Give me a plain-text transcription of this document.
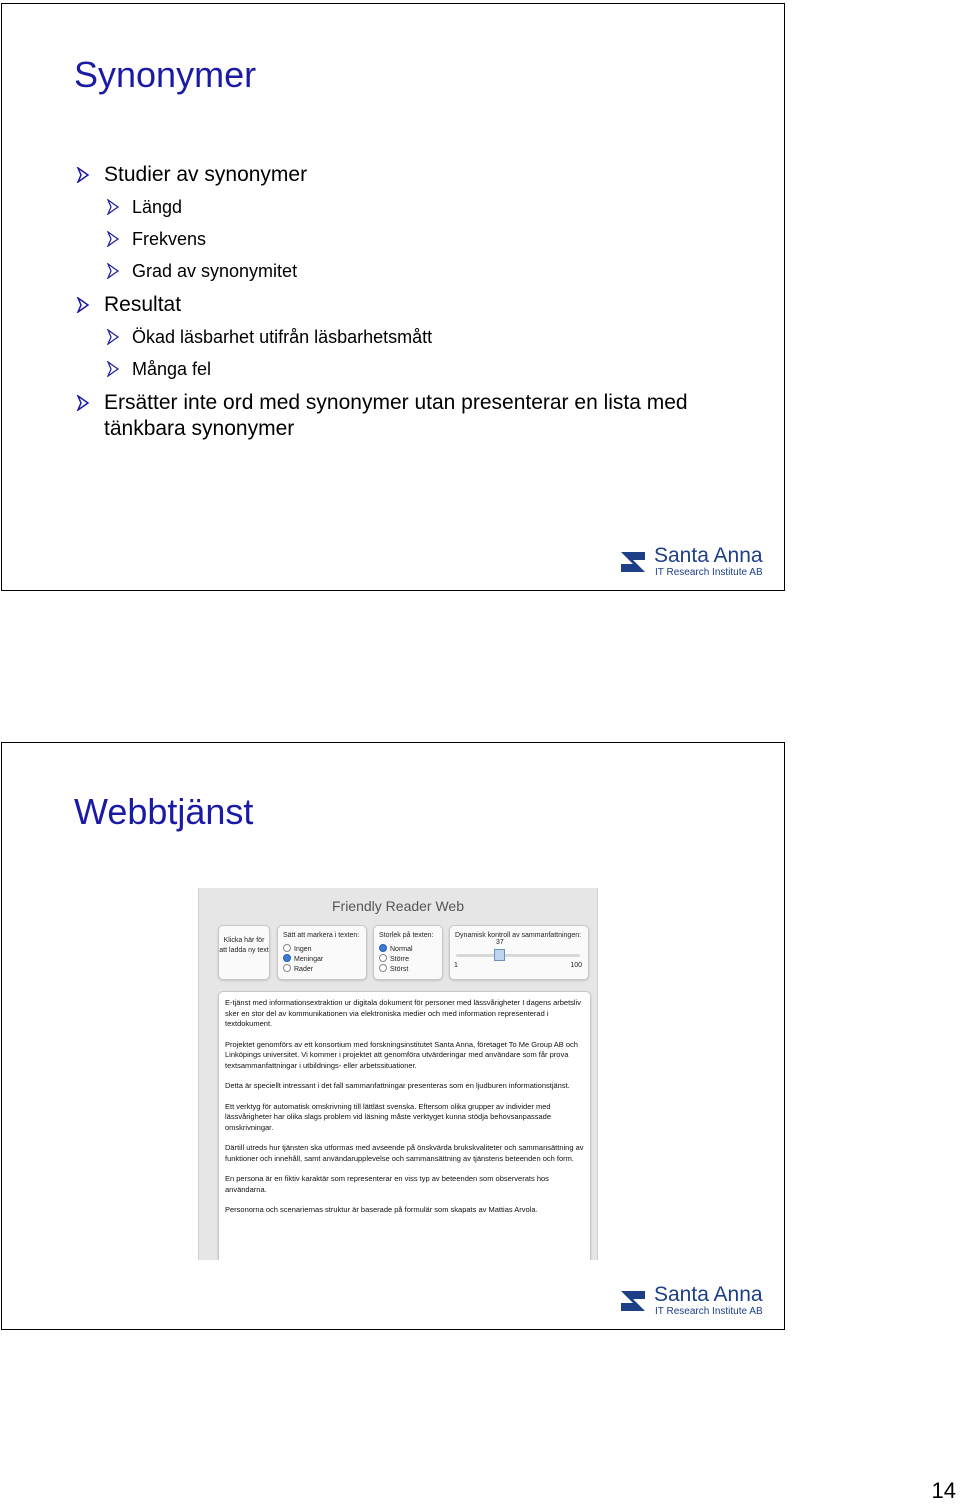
Synonymer
Studier av synonymer
Längd
Frekvens
Grad av synonymitet
Resultat
Ökad läsbarhet utifrån läsbarhetsmått
Många fel
Ersätter inte ord med synonymer utan presenterar en lista med tänkbara synonymer
Santa Anna
IT Research Institute AB
Webbtjänst
Friendly Reader Web
Klicka här för att ladda ny text
Sätt att markera i texten:
Ingen
Meningar
Rader
Storlek på texten:
Normal
Större
Störst
Dynamisk kontroll av sammanfattningen:
37
1	100

E-tjänst med informationsextraktion ur digitala dokument för personer med lässvårigheter I dagens arbetsliv sker en stor del av kommunikationen via elektroniska medier och med information representerad i textdokument.

Projektet genomförs av ett konsortium med forskningsinstitutet Santa Anna, företaget To Me Group AB och Linköpings universitet. Vi kommer i projektet att genomföra utvärderingar med användare som får prova textsammanfattningar i utbildnings- eller arbetssituationer.

Detta är speciellt intressant i det fall sammanfattningar presenteras som en ljudburen informationstjänst.

Ett verktyg för automatisk omskrivning till lättläst svenska. Eftersom olika grupper av individer med lässvårigheter har olika slags problem vid läsning måste verktyget kunna stödja behovsanpassade omskrivningar.

Därtill utreds hur tjänsten ska utformas med avseende på önskvärda brukskvaliteter och sammansättning av funktioner och innehåll, samt användarupplevelse och sammansättning av tjänstens beteenden och form.

En persona är en fiktiv karaktär som representerar en viss typ av beteenden som observerats hos användarna.

Personorna och scenariernas struktur är baserade på formulär som skapats av Mattias Arvola.

Santa Anna
IT Research Institute AB
14
